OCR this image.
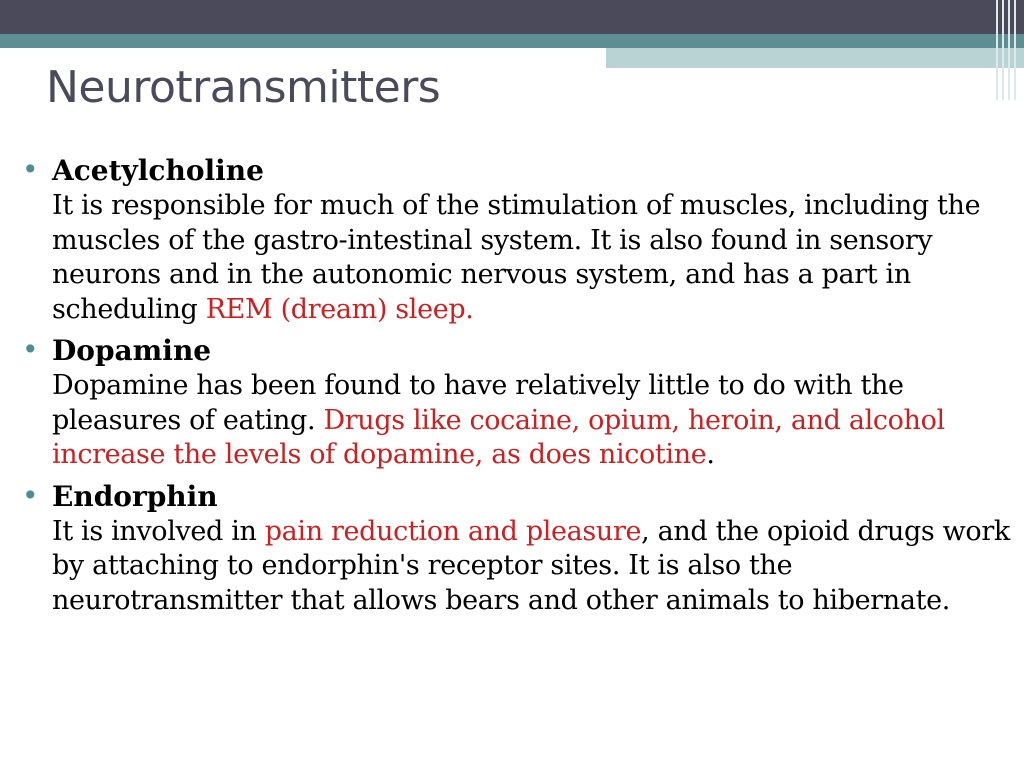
Neurotransmitters
• Acetylcholine
It is responsible for much of the stimulation of muscles, including the muscles of the gastro-intestinal system. It is also found in sensory neurons and in the autonomic nervous system, and has a part in scheduling REM (dream) sleep.
• Dopamine
Dopamine has been found to have relatively little to do with the pleasures of eating. Drugs like cocaine, opium, heroin, and alcohol increase the levels of dopamine, as does nicotine.
• Endorphin
It is involved in pain reduction and pleasure, and the opioid drugs work by attaching to endorphin's receptor sites. It is also the neurotransmitter that allows bears and other animals to hibernate.
